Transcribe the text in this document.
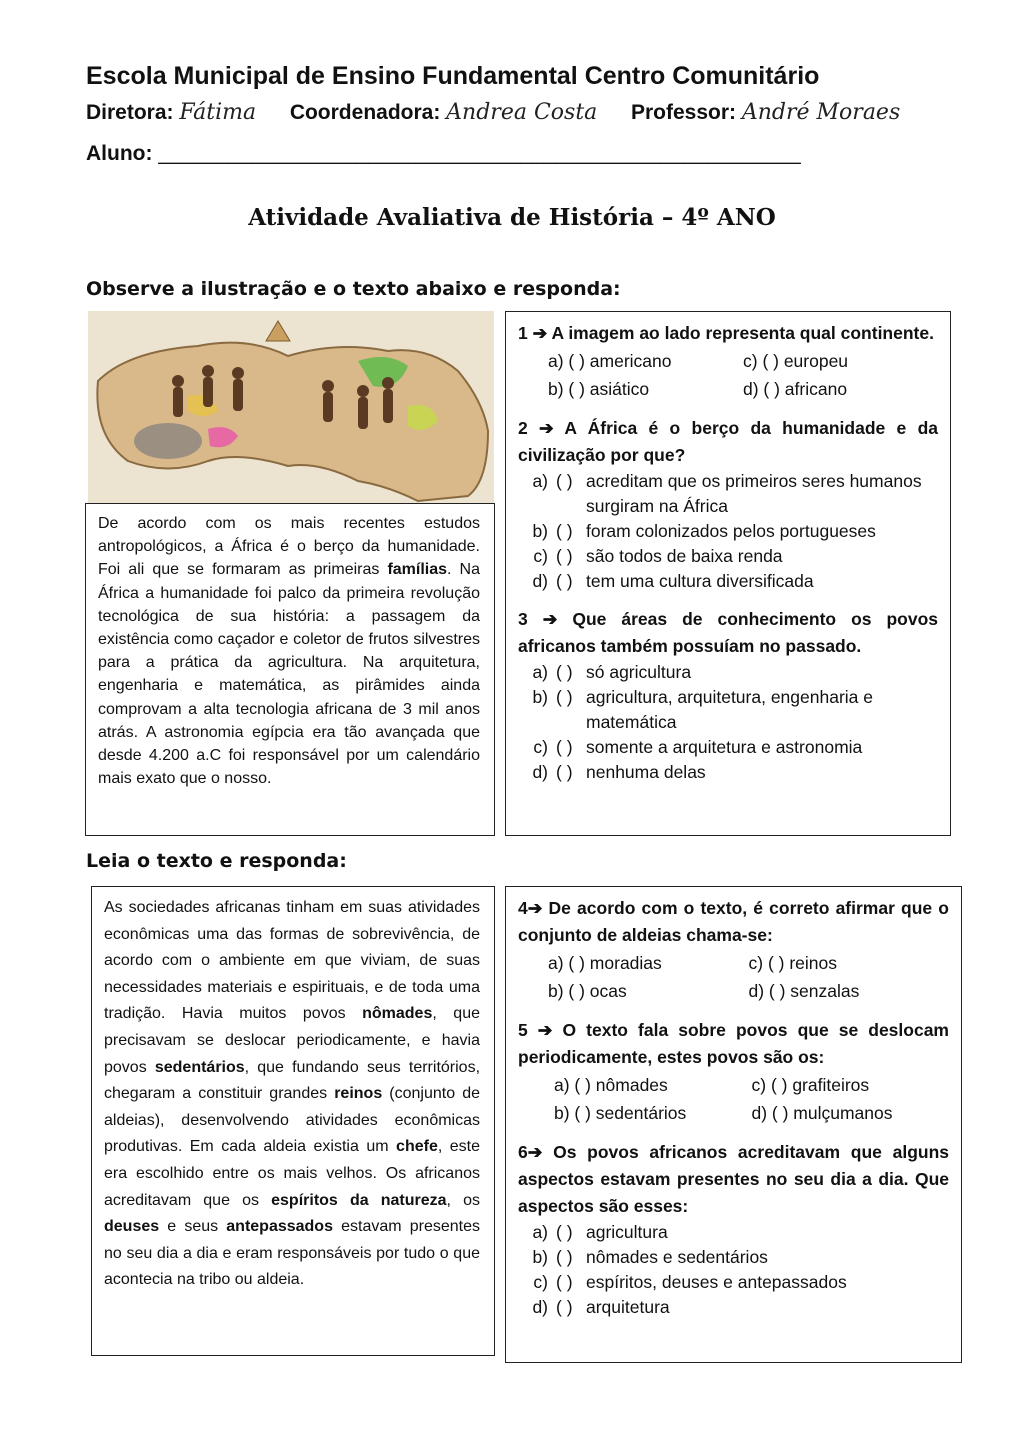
Escola Municipal de Ensino Fundamental Centro Comunitário
Diretora: Fátima Coordenadora: Andrea Costa Professor: André Moraes
Aluno: _______________________________________________________
Atividade Avaliativa de História – 4º ANO
Observe a ilustração e o texto abaixo e responda:
De acordo com os mais recentes estudos antropológicos, a África é o berço da humanidade. Foi ali que se formaram as primeiras famílias. Na África a humanidade foi palco da primeira revolução tecnológica de sua história: a passagem da existência como caçador e coletor de frutos silvestres para a prática da agricultura. Na arquitetura, engenharia e matemática, as pirâmides ainda comprovam a alta tecnologia africana de 3 mil anos atrás. A astronomia egípcia era tão avançada que desde 4.200 a.C foi responsável por um calendário mais exato que o nosso.
1 ➔ A imagem ao lado representa qual continente.
a) ( ) americano	c) ( ) europeu
b) ( ) asiático	d) ( ) africano
2 ➔ A África é o berço da humanidade e da civilização por que?
a) ( ) acreditam que os primeiros seres humanos surgiram na África
b) ( ) foram colonizados pelos portugueses
c) ( ) são todos de baixa renda
d) ( ) tem uma cultura diversificada
3 ➔ Que áreas de conhecimento os povos africanos também possuíam no passado.
a) ( ) só agricultura
b) ( ) agricultura, arquitetura, engenharia e matemática
c) ( ) somente a arquitetura e astronomia
d) ( ) nenhuma delas
Leia o texto e responda:
As sociedades africanas tinham em suas atividades econômicas uma das formas de sobrevivência, de acordo com o ambiente em que viviam, de suas necessidades materiais e espirituais, e de toda uma tradição. Havia muitos povos nômades, que precisavam se deslocar periodicamente, e havia povos sedentários, que fundando seus territórios, chegaram a constituir grandes reinos (conjunto de aldeias), desenvolvendo atividades econômicas produtivas. Em cada aldeia existia um chefe, este era escolhido entre os mais velhos. Os africanos acreditavam que os espíritos da natureza, os deuses e seus antepassados estavam presentes no seu dia a dia e eram responsáveis por tudo o que acontecia na tribo ou aldeia.
4➔ De acordo com o texto, é correto afirmar que o conjunto de aldeias chama-se:
a) ( ) moradias	c) ( ) reinos
b) ( ) ocas	d) ( ) senzalas
5 ➔ O texto fala sobre povos que se deslocam periodicamente, estes povos são os:
a) ( ) nômades	c) ( ) grafiteiros
b) ( ) sedentários	d) ( ) mulçumanos
6➔ Os povos africanos acreditavam que alguns aspectos estavam presentes no seu dia a dia. Que aspectos são esses:
a) ( ) agricultura
b) ( ) nômades e sedentários
c) ( ) espíritos, deuses e antepassados
d) ( ) arquitetura
